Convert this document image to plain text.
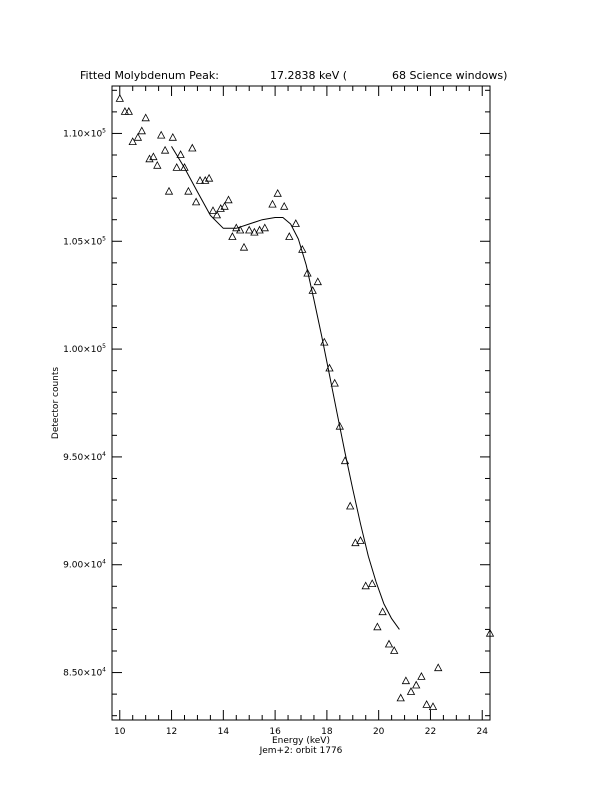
Fitted Molybdenum Peak:	17.2838 keV (	68 Science windows)
10	12	14	16	18	20	22	24
$8.50\times 10^4$
$9.00\times 10^4$
$9.50\times 10^4$
$1.00\times 10^5$
$1.05\times 10^5$
$1.10\times 10^5$
Energy (keV)
Jem+2: orbit 1776
Detector counts
